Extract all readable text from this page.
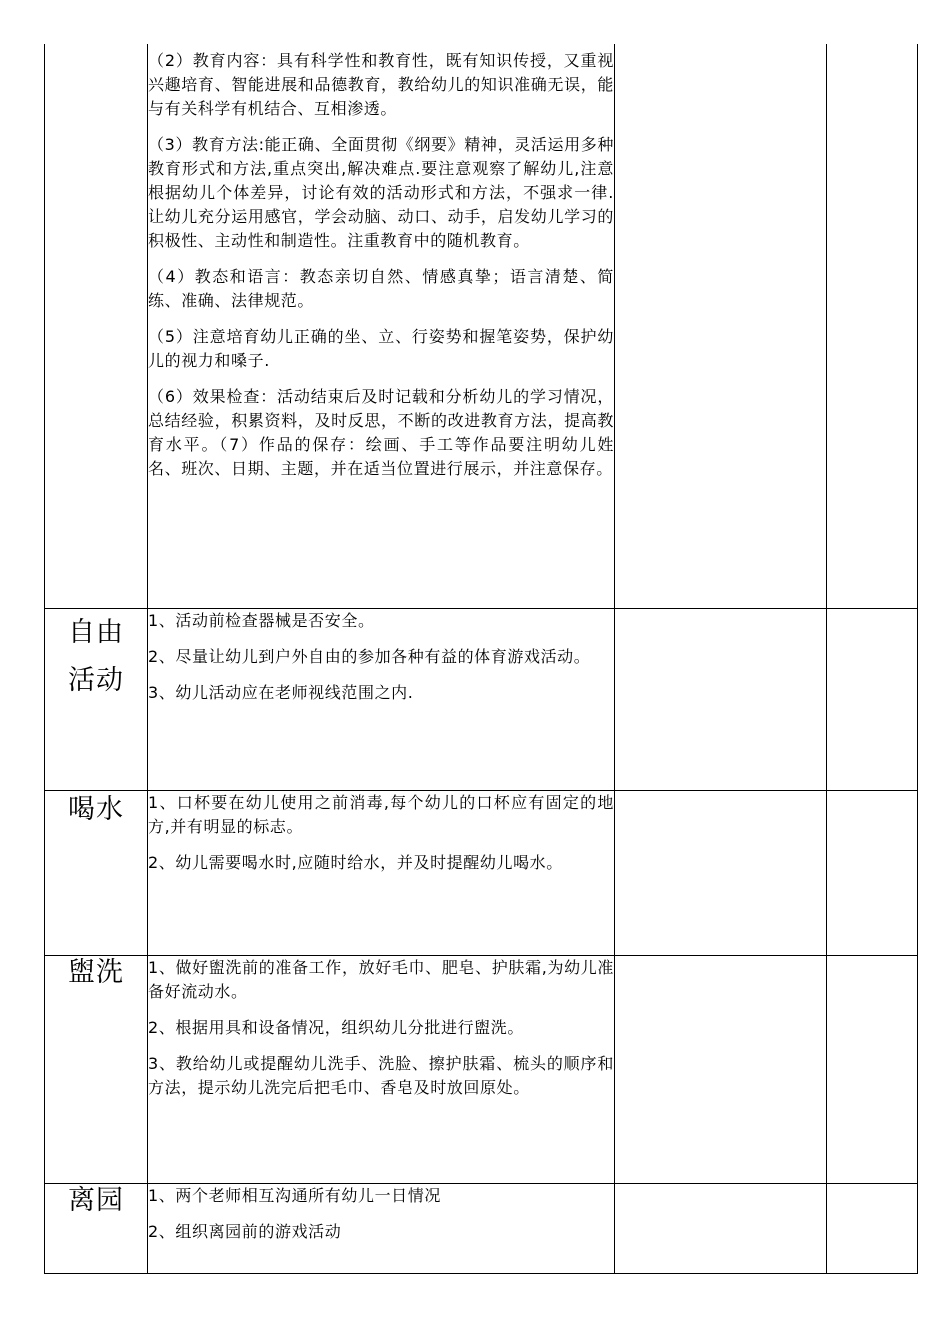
	（2）教育内容：具有科学性和教育性，既有知识传授，又重视兴趣培育、智能进展和品德教育，教给幼儿的知识准确无误，能与有关科学有机结合、互相渗透。

（3）教育方法:能正确、全面贯彻《纲要》精神，灵活运用多种教育形式和方法,重点突出,解决难点.要注意观察了解幼儿,注意根据幼儿个体差异，讨论有效的活动形式和方法，不强求一律.让幼儿充分运用感官，学会动脑、动口、动手，启发幼儿学习的积极性、主动性和制造性。注重教育中的随机教育。

（4）教态和语言：教态亲切自然、情感真挚；语言清楚、简练、准确、法律规范。

（5）注意培育幼儿正确的坐、立、行姿势和握笔姿势，保护幼儿的视力和嗓子.

（6）效果检查：活动结束后及时记载和分析幼儿的学习情况，总结经验，积累资料，及时反思，不断的改进教育方法，提高教育水平。（7）作品的保存：绘画、手工等作品要注明幼儿姓名、班次、日期、主题，并在适当位置进行展示，并注意保存。		

自由活动	1、活动前检查器械是否安全。

2、尽量让幼儿到户外自由的参加各种有益的体育游戏活动。

3、幼儿活动应在老师视线范围之内.		

喝水	1、口杯要在幼儿使用之前消毒,每个幼儿的口杯应有固定的地方,并有明显的标志。

2、幼儿需要喝水时,应随时给水，并及时提醒幼儿喝水。		

盥洗	1、做好盥洗前的准备工作，放好毛巾、肥皂、护肤霜,为幼儿准备好流动水。

2、根据用具和设备情况，组织幼儿分批进行盥洗。

3、教给幼儿或提醒幼儿洗手、洗脸、擦护肤霜、梳头的顺序和方法，提示幼儿洗完后把毛巾、香皂及时放回原处。		

离园	1、两个老师相互沟通所有幼儿一日情况

2、组织离园前的游戏活动		
